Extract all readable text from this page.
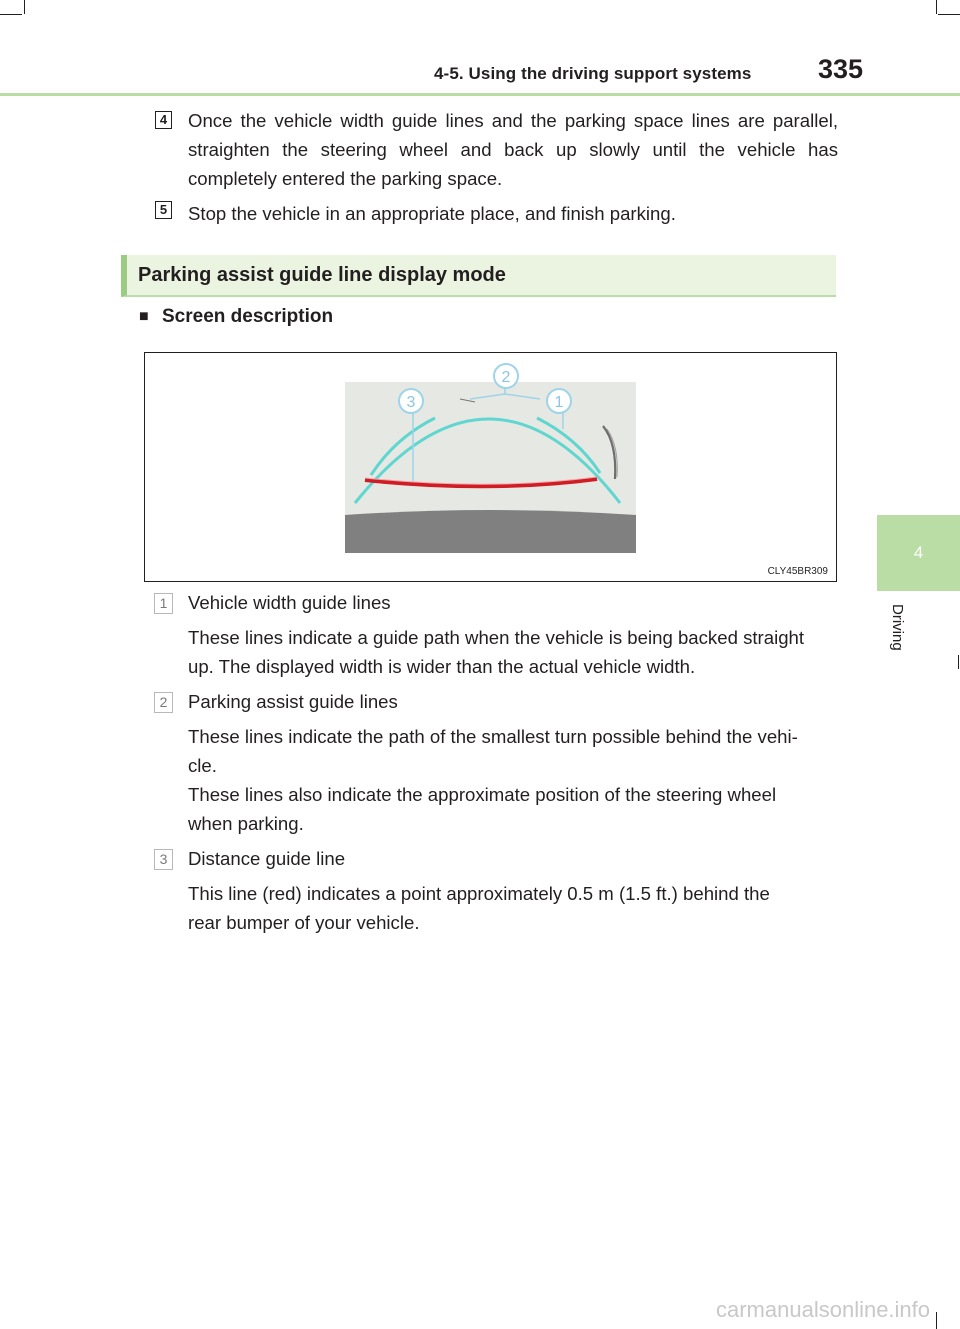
4-5. Using the driving support systems 335
4
Driving
4 Once the vehicle width guide lines and the parking space lines are parallel, straighten the steering wheel and back up slowly until the vehicle has completely entered the parking space.
5 Stop the vehicle in an appropriate place, and finish parking.
Parking assist guide line display mode
■ Screen description
1
2
3
CLY45BR309
1	Vehicle width guide lines
These lines indicate a guide path when the vehicle is being backed straight
up. The displayed width is wider than the actual vehicle width.
2	Parking assist guide lines
These lines indicate the path of the smallest turn possible behind the vehi-
cle.
These lines also indicate the approximate position of the steering wheel
when parking.
3	Distance guide line
This line (red) indicates a point approximately 0.5 m (1.5 ft.) behind the
rear bumper of your vehicle.
carmanualsonline.info
